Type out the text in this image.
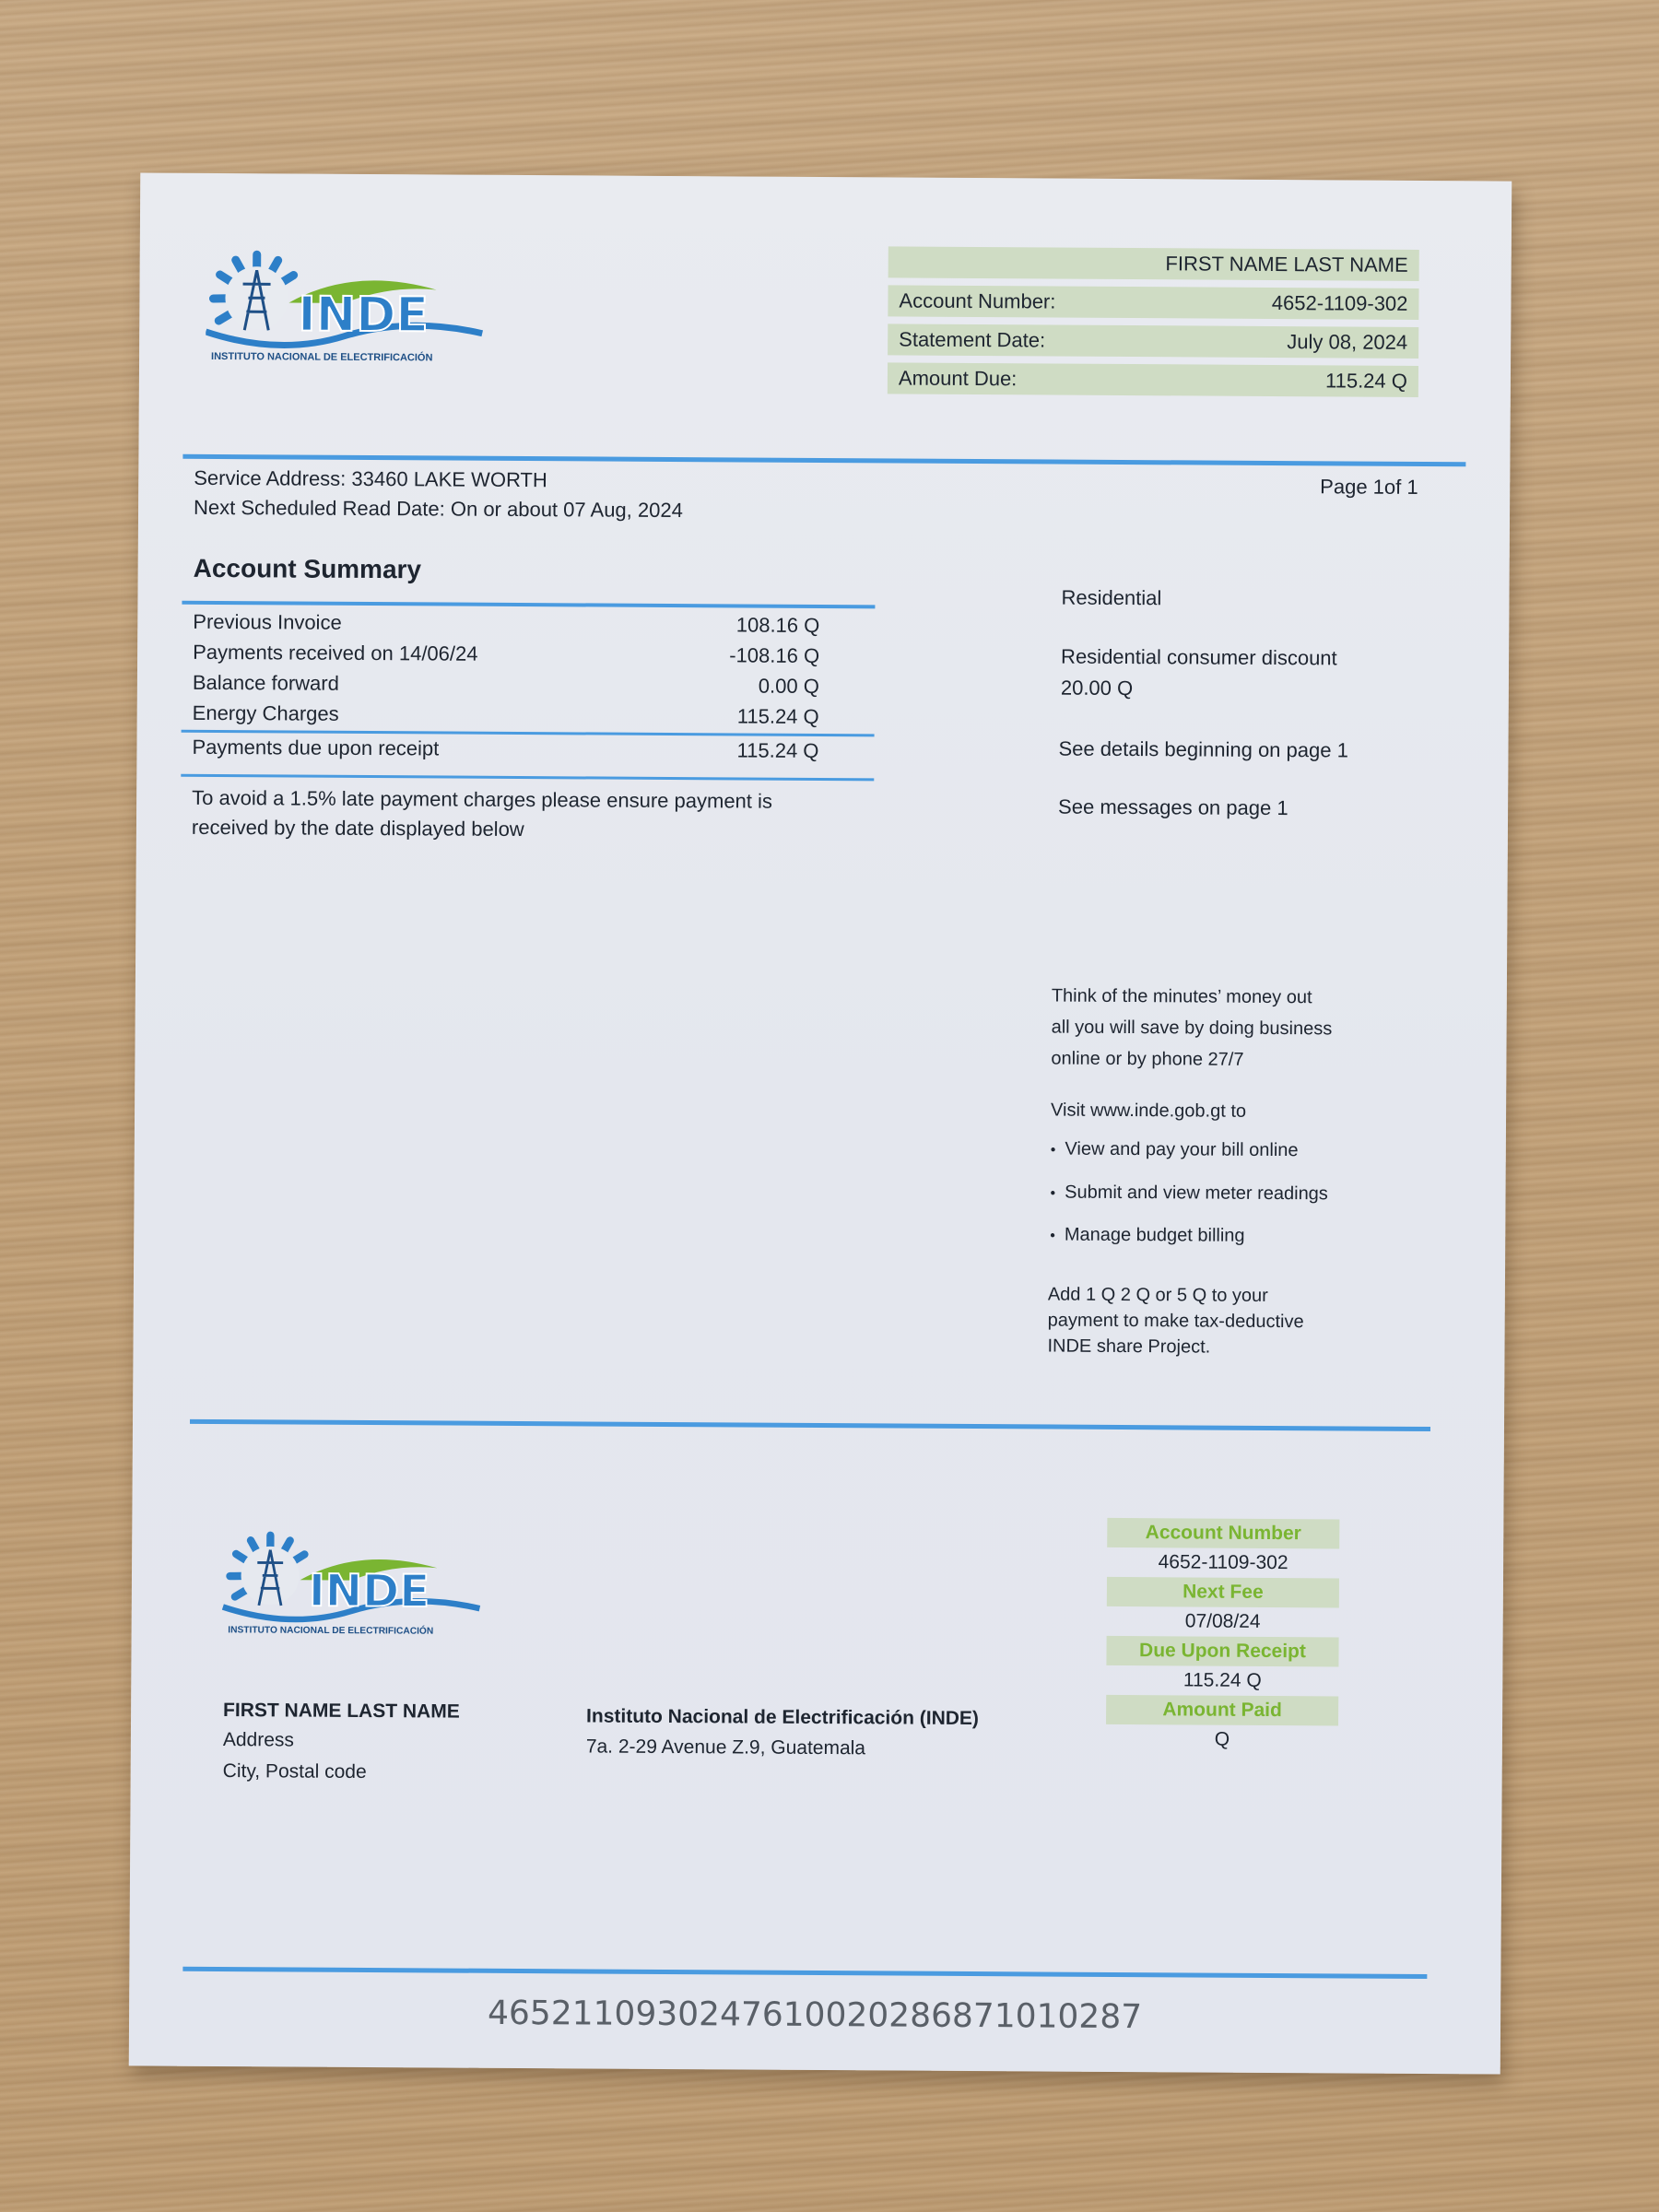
INDE
INSTITUTO NACIONAL DE ELECTRIFICACIÓN
FIRST NAME LAST NAME
Account Number:	4652-1109-302
Statement Date:	July 08, 2024
Amount Due:	115.24 Q
Service Address: 33460 LAKE WORTH
Next Scheduled Read Date: On or about 07 Aug, 2024
Page 1of 1
Account Summary
Previous Invoice	108.16 Q
Payments received on 14/06/24	-108.16 Q
Balance forward	0.00 Q
Energy Charges	115.24 Q
Payments due upon receipt	115.24 Q
To avoid a 1.5% late payment charges please ensure payment is
received by the date displayed below
Residential
Residential consumer discount
20.00 Q
See details beginning on page 1
See messages on page 1
Think of the minutes’ money out
all you will save by doing business
online or by phone 27/7
Visit www.inde.gob.gt to
• View and pay your bill online
• Submit and view meter readings
• Manage budget billing
Add 1 Q 2 Q or 5 Q to your
payment to make tax-deductive
INDE share Project.
INDE
INSTITUTO NACIONAL DE ELECTRIFICACIÓN
FIRST NAME LAST NAME
Address
City, Postal code
Instituto Nacional de Electrificación (INDE)
7a. 2-29 Avenue Z.9, Guatemala
Account Number
4652-1109-302
Next Fee
07/08/24
Due Upon Receipt
115.24 Q
Amount Paid
Q
46521109302476100202868710102​87
